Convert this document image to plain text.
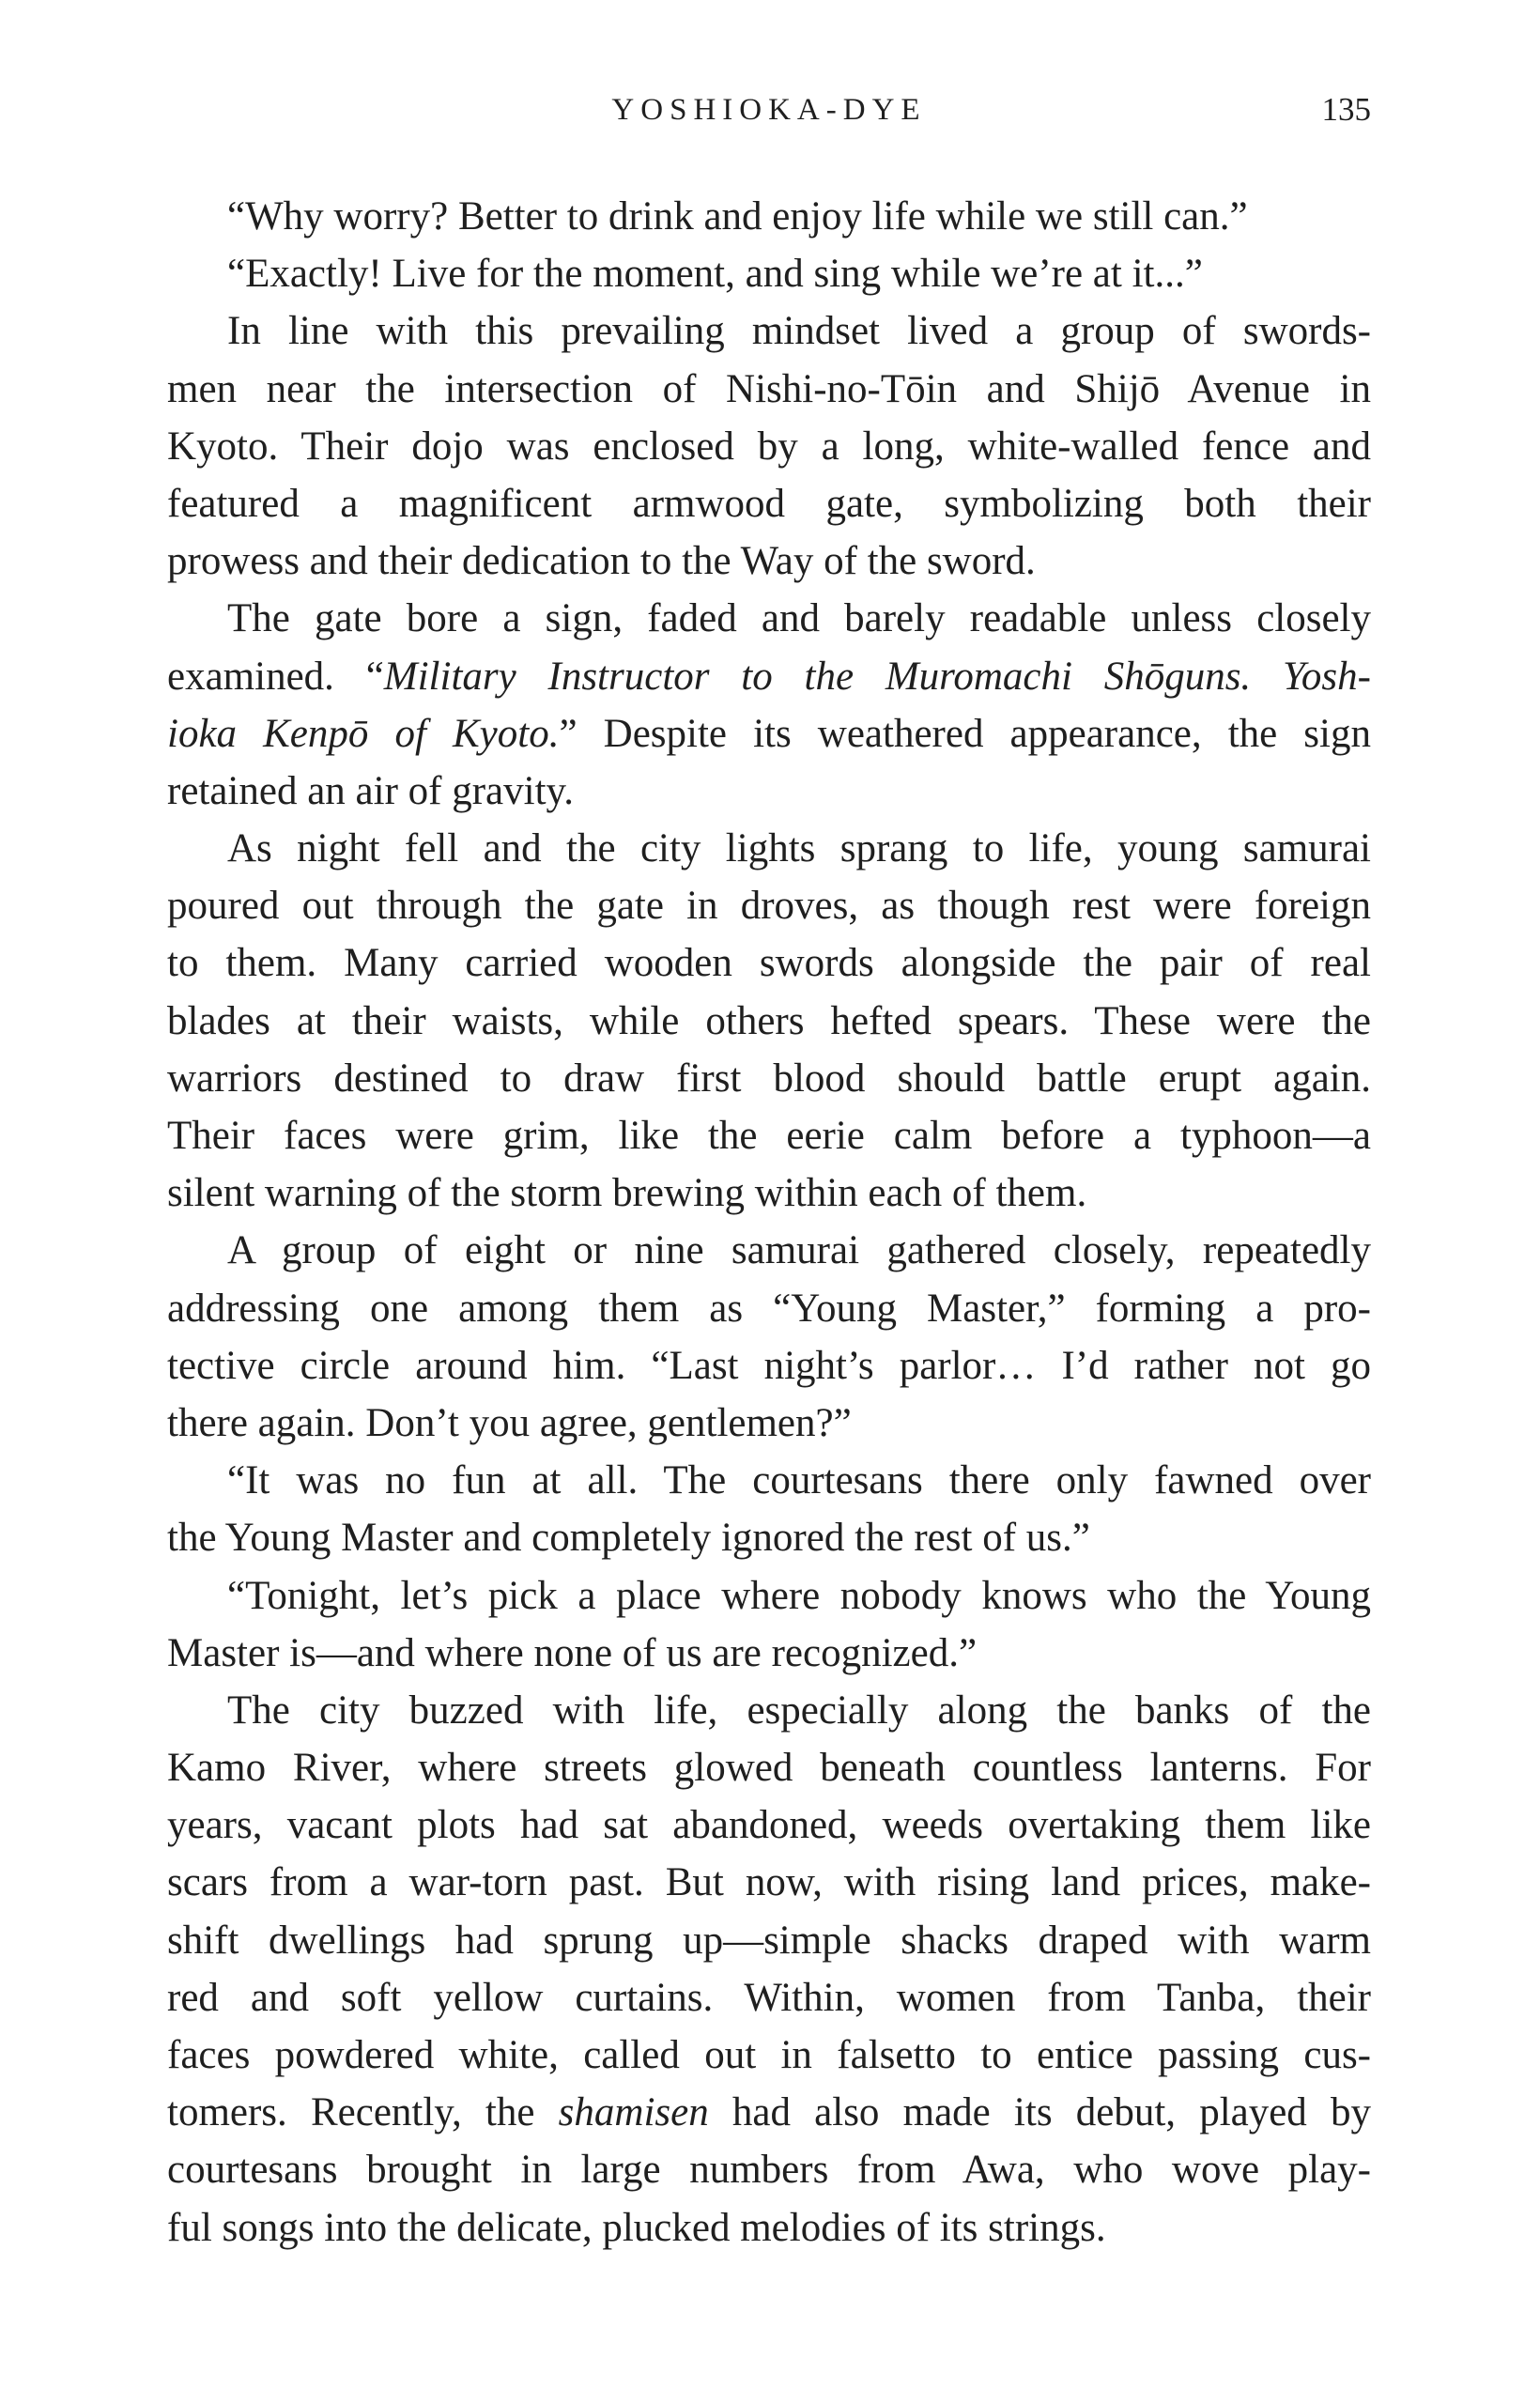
YOSHIOKA-DYE	135
“Why worry? Better to drink and enjoy life while we still can.”
“Exactly! Live for the moment, and sing while we’re at it...”
In line with this prevailing mindset lived a group of swords-
men near the intersection of Nishi-no-Tōin and Shijō Avenue in
Kyoto. Their dojo was enclosed by a long, white-walled fence and
featured a magnificent armwood gate, symbolizing both their
prowess and their dedication to the Way of the sword.
The gate bore a sign, faded and barely readable unless closely
examined. “Military Instructor to the Muromachi Shōguns. Yosh-
ioka Kenpō of Kyoto.” Despite its weathered appearance, the sign
retained an air of gravity.
As night fell and the city lights sprang to life, young samurai
poured out through the gate in droves, as though rest were foreign
to them. Many carried wooden swords alongside the pair of real
blades at their waists, while others hefted spears. These were the
warriors destined to draw first blood should battle erupt again.
Their faces were grim, like the eerie calm before a typhoon—a
silent warning of the storm brewing within each of them.
A group of eight or nine samurai gathered closely, repeatedly
addressing one among them as “Young Master,” forming a pro-
tective circle around him. “Last night’s parlor… I’d rather not go
there again. Don’t you agree, gentlemen?”
“It was no fun at all. The courtesans there only fawned over
the Young Master and completely ignored the rest of us.”
“Tonight, let’s pick a place where nobody knows who the Young
Master is—and where none of us are recognized.”
The city buzzed with life, especially along the banks of the
Kamo River, where streets glowed beneath countless lanterns. For
years, vacant plots had sat abandoned, weeds overtaking them like
scars from a war-torn past. But now, with rising land prices, make-
shift dwellings had sprung up—simple shacks draped with warm
red and soft yellow curtains. Within, women from Tanba, their
faces powdered white, called out in falsetto to entice passing cus-
tomers. Recently, the shamisen had also made its debut, played by
courtesans brought in large numbers from Awa, who wove play-
ful songs into the delicate, plucked melodies of its strings.
